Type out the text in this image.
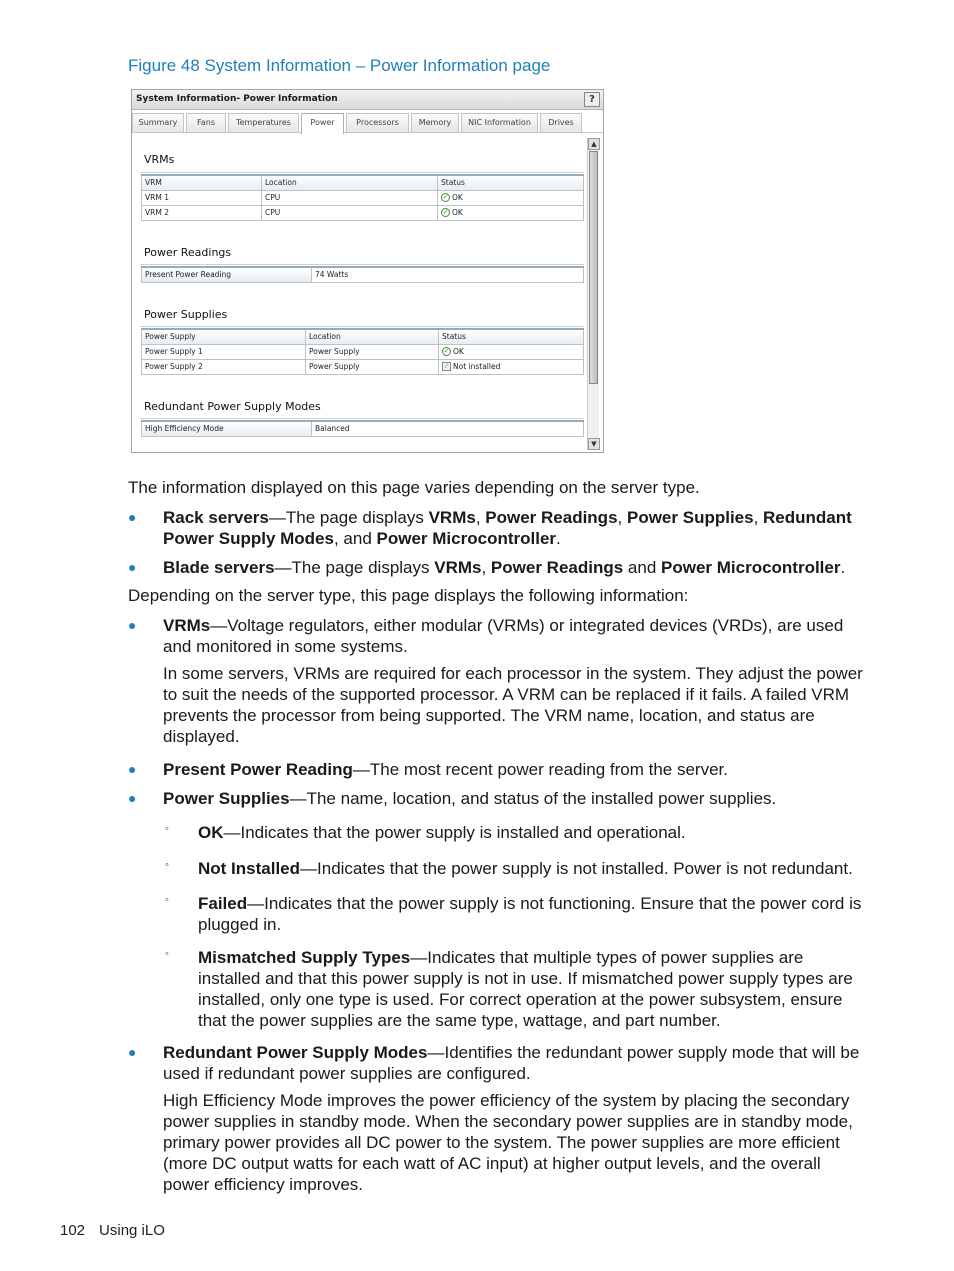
Figure 48 System Information – Power Information page
System Information- Power Information	?
Summary	Fans	Temperatures	Power	Processors	Memory	NIC Information	Drives
VRMs
VRM	Location	Status
VRM 1	CPU	✓ OK
VRM 2	CPU	✓ OK
Power Readings
Present Power Reading	74 Watts
Power Supplies
Power Supply	Location	Status
Power Supply 1	Power Supply	✓ OK
Power Supply 2	Power Supply	⁄ Not installed
Redundant Power Supply Modes
High Efficiency Mode	Balanced
▲
▼
The information displayed on this page varies depending on the server type.
● Rack servers—The page displays VRMs, Power Readings, Power Supplies, Redundant Power Supply Modes, and Power Microcontroller.
● Blade servers—The page displays VRMs, Power Readings and Power Microcontroller.
Depending on the server type, this page displays the following information:
● VRMs—Voltage regulators, either modular (VRMs) or integrated devices (VRDs), are used and monitored in some systems.
In some servers, VRMs are required for each processor in the system. They adjust the power to suit the needs of the supported processor. A VRM can be replaced if it fails. A failed VRM prevents the processor from being supported. The VRM name, location, and status are displayed.
● Present Power Reading—The most recent power reading from the server.
● Power Supplies—The name, location, and status of the installed power supplies.
◦ OK—Indicates that the power supply is installed and operational.
◦ Not Installed—Indicates that the power supply is not installed. Power is not redundant.
◦ Failed—Indicates that the power supply is not functioning. Ensure that the power cord is plugged in.
◦ Mismatched Supply Types—Indicates that multiple types of power supplies are installed and that this power supply is not in use. If mismatched power supply types are installed, only one type is used. For correct operation at the power subsystem, ensure that the power supplies are the same type, wattage, and part number.
● Redundant Power Supply Modes—Identifies the redundant power supply mode that will be used if redundant power supplies are configured.
High Efficiency Mode improves the power efficiency of the system by placing the secondary power supplies in standby mode. When the secondary power supplies are in standby mode, primary power provides all DC power to the system. The power supplies are more efficient (more DC output watts for each watt of AC input) at higher output levels, and the overall power efficiency improves.
102 Using iLO
